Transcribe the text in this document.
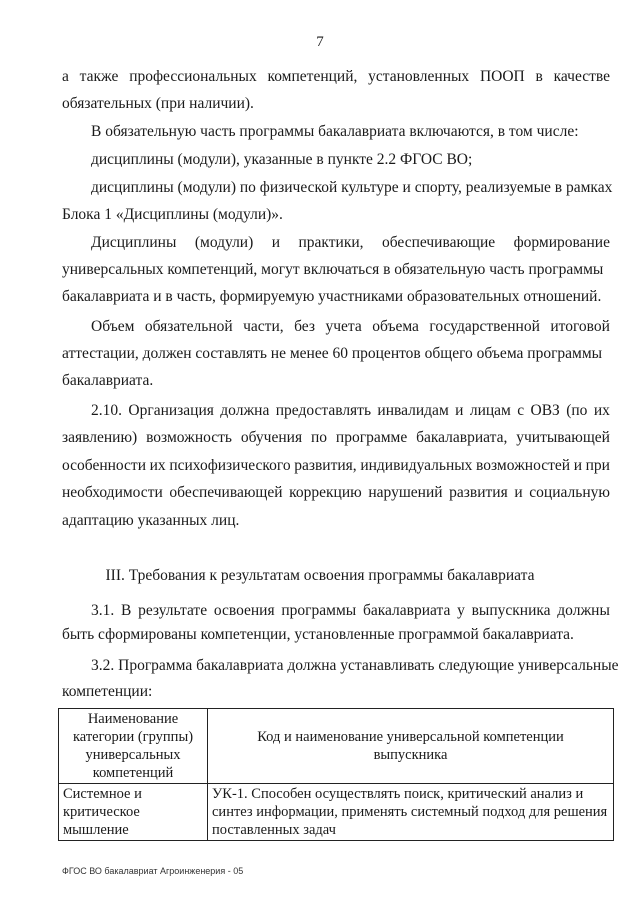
7
а также профессиональных компетенций, установленных ПООП в качестве
обязательных (при наличии).
В обязательную часть программы бакалавриата включаются, в том числе:
дисциплины (модули), указанные в пункте 2.2 ФГОС ВО;
дисциплины (модули) по физической культуре и спорту, реализуемые в рамках
Блока 1 «Дисциплины (модули)».
Дисциплины (модули) и практики, обеспечивающие формирование
универсальных компетенций, могут включаться в обязательную часть программы
бакалавриата и в часть, формируемую участниками образовательных отношений.
Объем обязательной части, без учета объема государственной итоговой
аттестации, должен составлять не менее 60 процентов общего объема программы
бакалавриата.
2.10. Организация должна предоставлять инвалидам и лицам с ОВЗ (по их
заявлению) возможность обучения по программе бакалавриата, учитывающей
особенности их психофизического развития, индивидуальных возможностей и при
необходимости обеспечивающей коррекцию нарушений развития и социальную
адаптацию указанных лиц.
III. Требования к результатам освоения программы бакалавриата
3.1. В результате освоения программы бакалавриата у выпускника должны
быть сформированы компетенции, установленные программой бакалавриата.
3.2. Программа бакалавриата должна устанавливать следующие универсальные
компетенции:
Наименование категории (группы) универсальных компетенций	Код и наименование универсальной компетенции выпускника
Системное и критическое мышление	УК-1. Способен осуществлять поиск, критический анализ и синтез информации, применять системный подход для решения поставленных задач
ФГОС ВО бакалавриат Агроинженерия - 05
